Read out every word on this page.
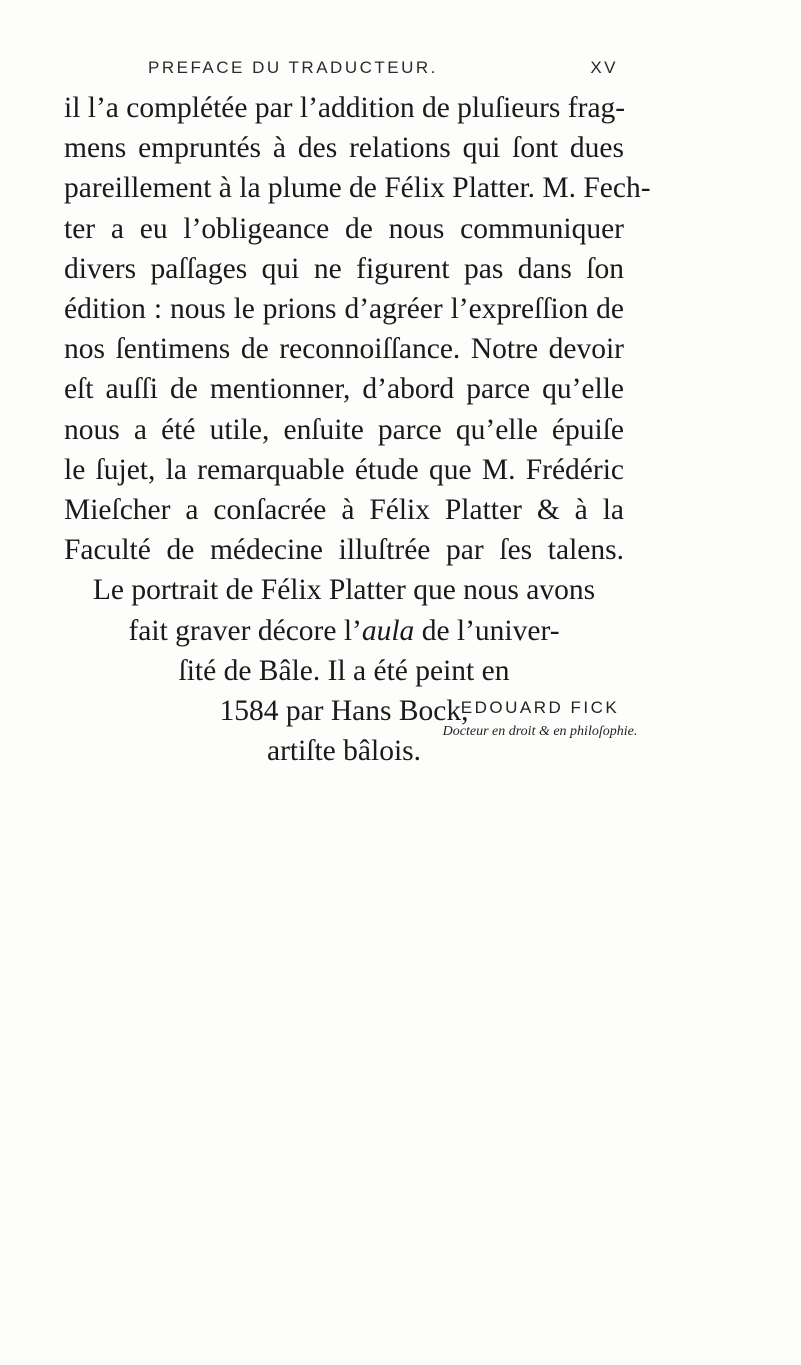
PREFACE DU TRADUCTEUR.	XV
il l’a complétée par l’addition de pluſieurs frag-
mens empruntés à des relations qui ſont dues
pareillement à la plume de Félix Platter. M. Fech-
ter a eu l’obligeance de nous communiquer
divers paſſages qui ne figurent pas dans ſon
édition : nous le prions d’agréer l’expreſſion de
nos ſentimens de reconnoiſſance. Notre devoir
eſt auſſi de mentionner, d’abord parce qu’elle
nous a été utile, enſuite parce qu’elle épuiſe
le ſujet, la remarquable étude que M. Frédéric
Mieſcher a conſacrée à Félix Platter & à la
Faculté de médecine illuſtrée par ſes talens.
Le portrait de Félix Platter que nous avons
fait graver décore l’aula de l’univer-
ſité de Bâle. Il a été peint en
1584 par Hans Bock,
artiſte bâlois.
EDOUARD FICK
Docteur en droit & en philoſophie.
